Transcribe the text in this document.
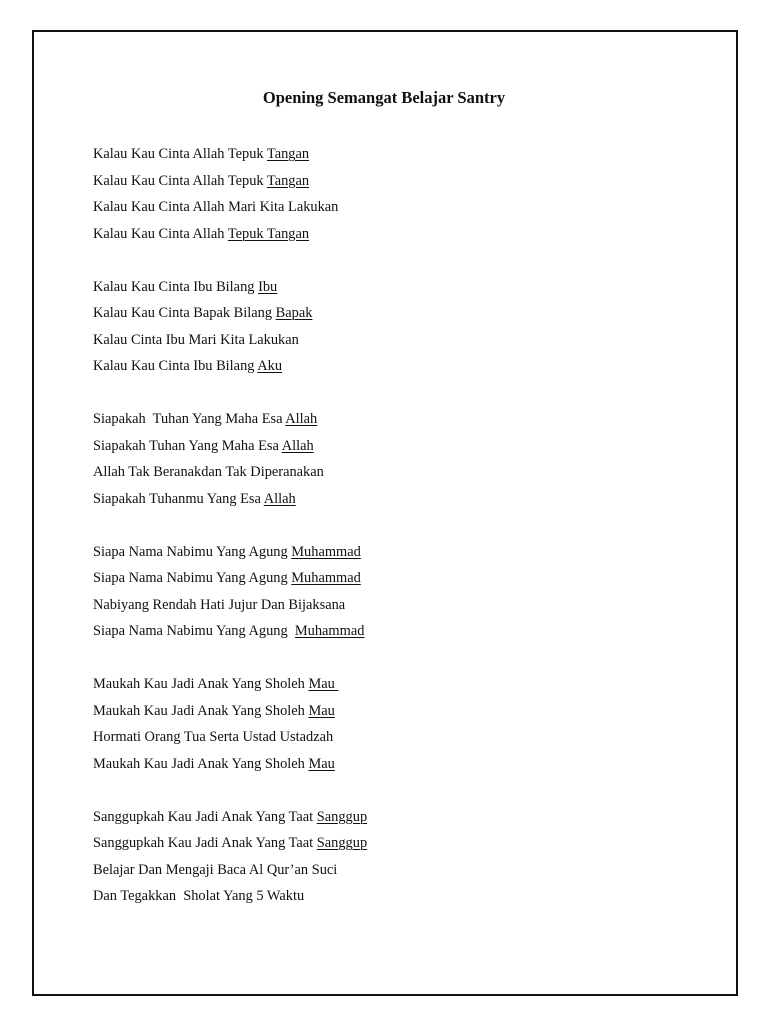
Opening Semangat Belajar Santry
Kalau Kau Cinta Allah Tepuk Tangan
Kalau Kau Cinta Allah Tepuk Tangan
Kalau Kau Cinta Allah Mari Kita Lakukan
Kalau Kau Cinta Allah Tepuk Tangan
Kalau Kau Cinta Ibu Bilang Ibu
Kalau Kau Cinta Bapak Bilang Bapak
Kalau Cinta Ibu Mari Kita Lakukan
Kalau Kau Cinta Ibu Bilang Aku
Siapakah  Tuhan Yang Maha Esa Allah
Siapakah Tuhan Yang Maha Esa Allah
Allah Tak Beranakdan Tak Diperanakan
Siapakah Tuhanmu Yang Esa Allah
Siapa Nama Nabimu Yang Agung Muhammad
Siapa Nama Nabimu Yang Agung Muhammad
Nabiyang Rendah Hati Jujur Dan Bijaksana
Siapa Nama Nabimu Yang Agung  Muhammad
Maukah Kau Jadi Anak Yang Sholeh Mau
Maukah Kau Jadi Anak Yang Sholeh Mau
Hormati Orang Tua Serta Ustad Ustadzah
Maukah Kau Jadi Anak Yang Sholeh Mau
Sanggupkah Kau Jadi Anak Yang Taat Sanggup
Sanggupkah Kau Jadi Anak Yang Taat Sanggup
Belajar Dan Mengaji Baca Al Qur’an Suci
Dan Tegakkan  Sholat Yang 5 Waktu
